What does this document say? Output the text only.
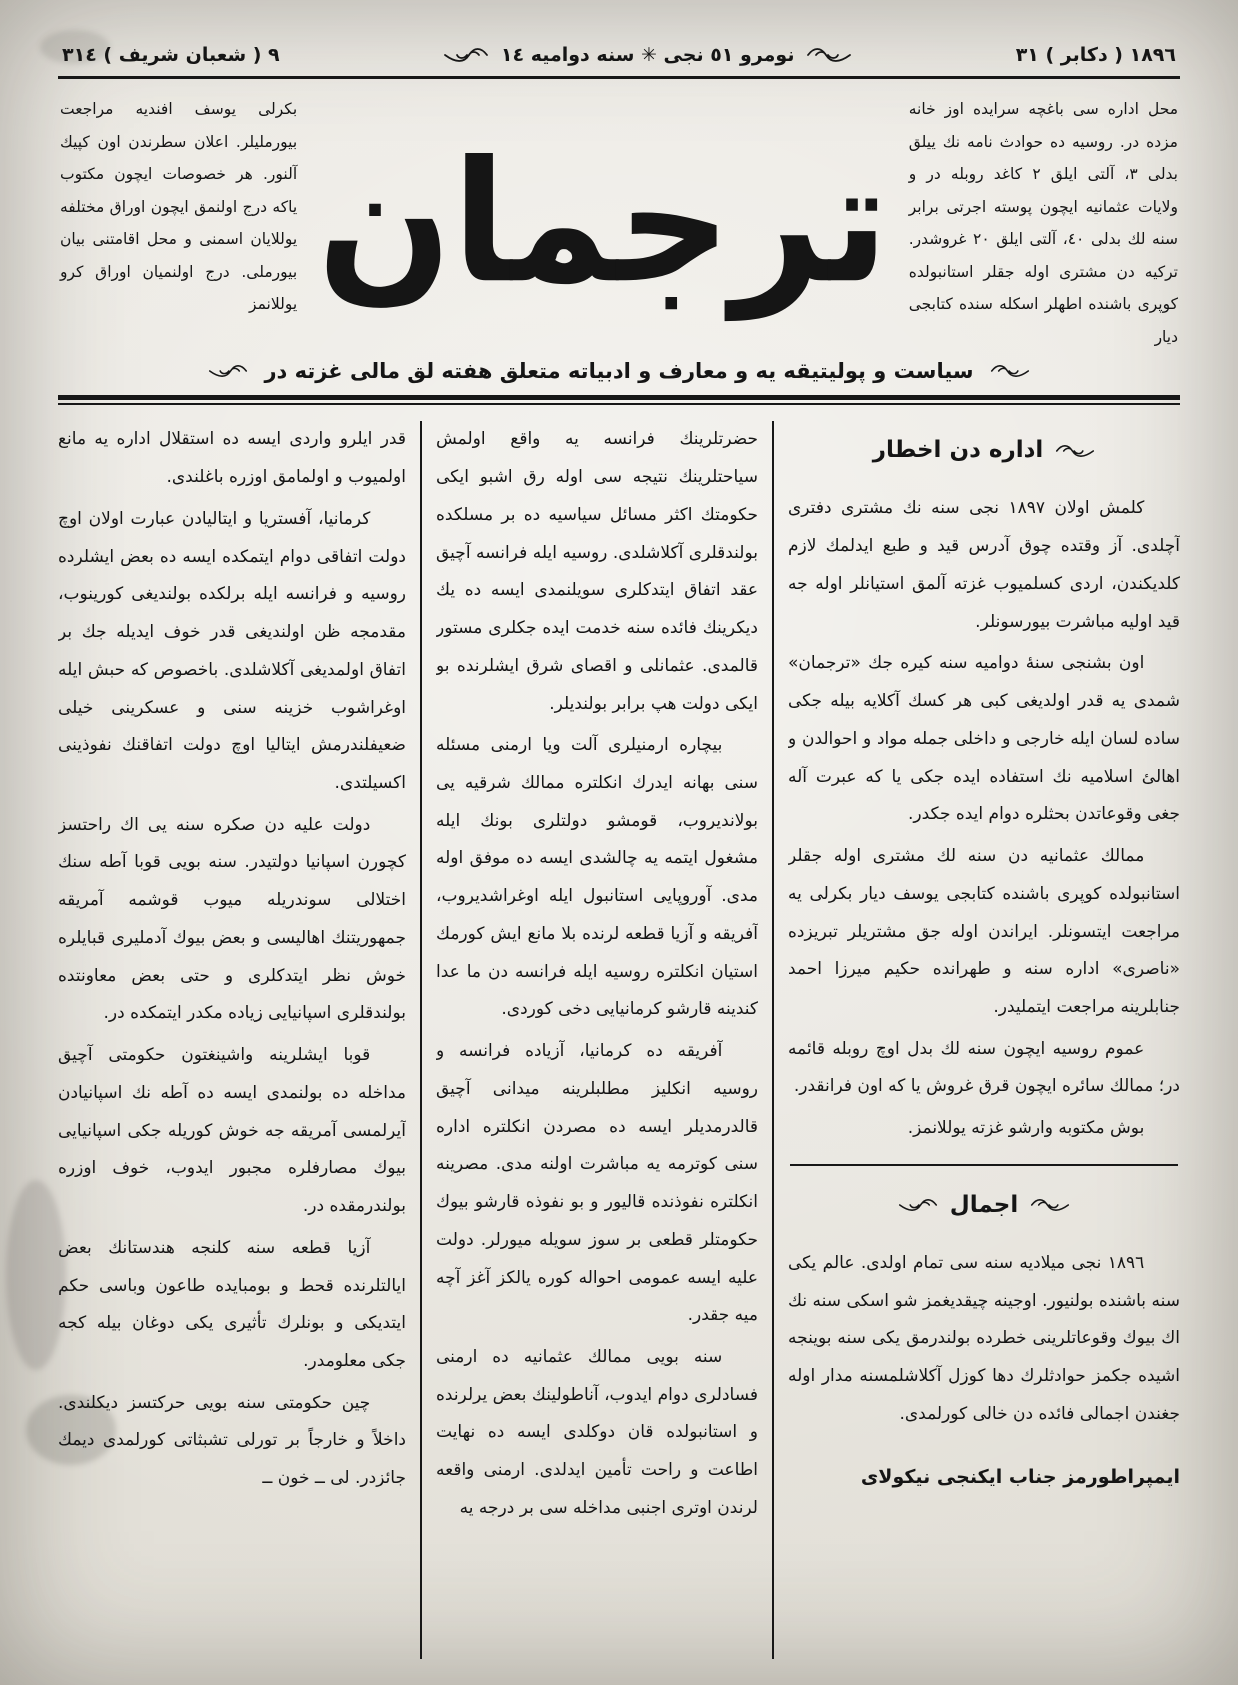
١٨٩٦ ( دكابر ) ٣١
نومرو ٥١ نجى ✳ سنه دواميه ١٤
٩ ( شعبان شريف ) ٣١٤
محل اداره سى باغچه سرايده اوز خانه مزده در. روسيه ده حوادث نامه نك ييلق بدلى ٣، آلتى ايلق ٢ كاغد روبله در و ولايات عثمانيه ايچون پوسته اجرتى برابر سنه لك بدلى ٤٠، آلتى ايلق ٢٠ غروشدر. تركيه دن مشترى اوله جقلر استانبولده كوپرى باشنده اطهلر اسكله سنده كتابجى ديار
ترجمان
بكرلى يوسف افنديه مراجعت بيورمليلر. اعلان سطرندن اون كپيك آلنور. هر خصوصات ايچون مكتوب ياكه درج اولنمق ايچون اوراق مختلفه يوللايان اسمنى و محل اقامتنى بيان بيورملى. درج اولنميان اوراق كرو يوللانمز
سياست و پوليتيقه يه و معارف و ادبياته متعلق هفته لق مالى غزته در
اداره دن اخطار

كلمش اولان ١٨٩٧ نجى سنه نك مشترى دفترى آچلدى. آز وقتده چوق آدرس قيد و طبع ايدلمك لازم كلديكندن، اردى كسلميوب غزته آلمق استيانلر اوله جه قيد اوليه مباشرت بيورسونلر.

اون بشنجى سنهٔ دواميه سنه كيره جك «ترجمان» شمدى يه قدر اولديغى كبى هر كسك آكلايه بيله جكى ساده لسان ايله خارجى و داخلى جمله مواد و احوالدن و اهالئ اسلاميه نك استفاده ايده جكى يا كه عبرت آله جغى وقوعاتدن بحثلره دوام ايده جكدر.

ممالك عثمانيه دن سنه لك مشترى اوله جقلر استانبولده كوپرى باشنده كتابجى يوسف ديار بكرلى يه مراجعت ايتسونلر. ايراندن اوله جق مشتريلر تبريزده «ناصرى» اداره سنه و طهرانده حكيم ميرزا احمد جنابلرينه مراجعت ايتمليدر.

عموم روسيه ايچون سنه لك بدل اوچ روبله قائمه در؛ ممالك سائره ايچون قرق غروش يا كه اون فرانقدر.

بوش مكتوبه وارشو غزته يوللانمز.

اجمال

١٨٩٦ نجى ميلاديه سنه سى تمام اولدى. عالم يكى سنه باشنده بولنيور. اوجينه چيقديغمز شو اسكى سنه نك اك بيوك وقوعاتلرينى خطرده بولندرمق يكى سنه بوينجه اشيده جكمز حوادثلرك دها كوزل آكلاشلمسنه مدار اوله جغندن اجمالى فائده دن خالى كورلمدى.

ايمپراطورمز جناب ايكنجى نيكولاى

حضرتلرينك فرانسه يه واقع اولمش سياحتلرينك نتيجه سى اوله رق اشبو ايكى حكومتك اكثر مسائل سياسيه ده بر مسلكده بولندقلرى آكلاشلدى. روسيه ايله فرانسه آچيق عقد اتفاق ايتدكلرى سويلنمدى ايسه ده يك ديكرينك فائده سنه خدمت ايده جكلرى مستور قالمدى. عثمانلى و اقصاى شرق ايشلرنده بو ايكى دولت هپ برابر بولنديلر.

بيچاره ارمنيلرى آلت ويا ارمنى مسئله سنى بهانه ايدرك انكلتره ممالك شرقيه يى بولانديروب، قومشو دولتلرى بونك ايله مشغول ايتمه يه چالشدى ايسه ده موفق اوله مدى. آوروپايى استانبول ايله اوغراشديروب، آفريقه و آزيا قطعه لرنده بلا مانع ايش كورمك استيان انكلتره روسيه ايله فرانسه دن ما عدا كندينه قارشو كرمانيايى دخى كوردى.

آفريقه ده كرمانيا، آزياده فرانسه و روسيه انكليز مطلبلرينه ميدانى آچيق قالدرمديلر ايسه ده مصردن انكلتره اداره سنى كوترمه يه مباشرت اولنه مدى. مصرينه انكلتره نفوذنده قاليور و بو نفوذه قارشو بيوك حكومتلر قطعى بر سوز سويله ميورلر. دولت عليه ايسه عمومى احواله كوره يالكز آغز آچه ميه جقدر.

سنه بويى ممالك عثمانيه ده ارمنى فسادلرى دوام ايدوب، آناطولينك بعض يرلرنده و استانبولده قان دوكلدى ايسه ده نهايت اطاعت و راحت تأمين ايدلدى. ارمنى واقعه لرندن اوترى اجنبى مداخله سى بر درجه يه

قدر ايلرو واردى ايسه ده استقلال اداره يه مانع اولميوب و اولمامق اوزره باغلندى.

كرمانيا، آفستريا و ايتاليادن عبارت اولان اوچ دولت اتفاقى دوام ايتمكده ايسه ده بعض ايشلرده روسيه و فرانسه ايله برلكده بولنديغى كورينوب، مقدمجه ظن اولنديغى قدر خوف ايديله جك بر اتفاق اولمديغى آكلاشلدى. باخصوص كه حبش ايله اوغراشوب خزينه سنى و عسكرينى خيلى ضعيفلندرمش ايتاليا اوچ دولت اتفاقنك نفوذينى اكسيلتدى.

دولت عليه دن صكره سنه يى اك راحتسز كچورن اسپانيا دولتيدر. سنه بويى قوبا آطه سنك اختلالى سوندريله ميوب قوشمه آمريقه جمهوريتنك اهاليسى و بعض بيوك آدمليرى قبايلره خوش نظر ايتدكلرى و حتى بعض معاونتده بولندقلرى اسپانيايى زياده مكدر ايتمكده در.

قوبا ايشلرينه واشينغتون حكومتى آچيق مداخله ده بولنمدى ايسه ده آطه نك اسپانيادن آيرلمسى آمريقه جه خوش كوريله جكى اسپانيايى بيوك مصارفلره مجبور ايدوب، خوف اوزره بولندرمقده در.

آزيا قطعه سنه كلنجه هندستانك بعض ايالتلرنده قحط و بومبايده طاعون وباسى حكم ايتديكى و بونلرك تأثيرى يكى دوغان بيله كجه جكى معلومدر.

چين حكومتى سنه بويى حركتسز ديكلندى. داخلاً و خارجاً بر تورلى تشبثاتى كورلمدى ديمك جائزدر. لى ــ خون ــ
